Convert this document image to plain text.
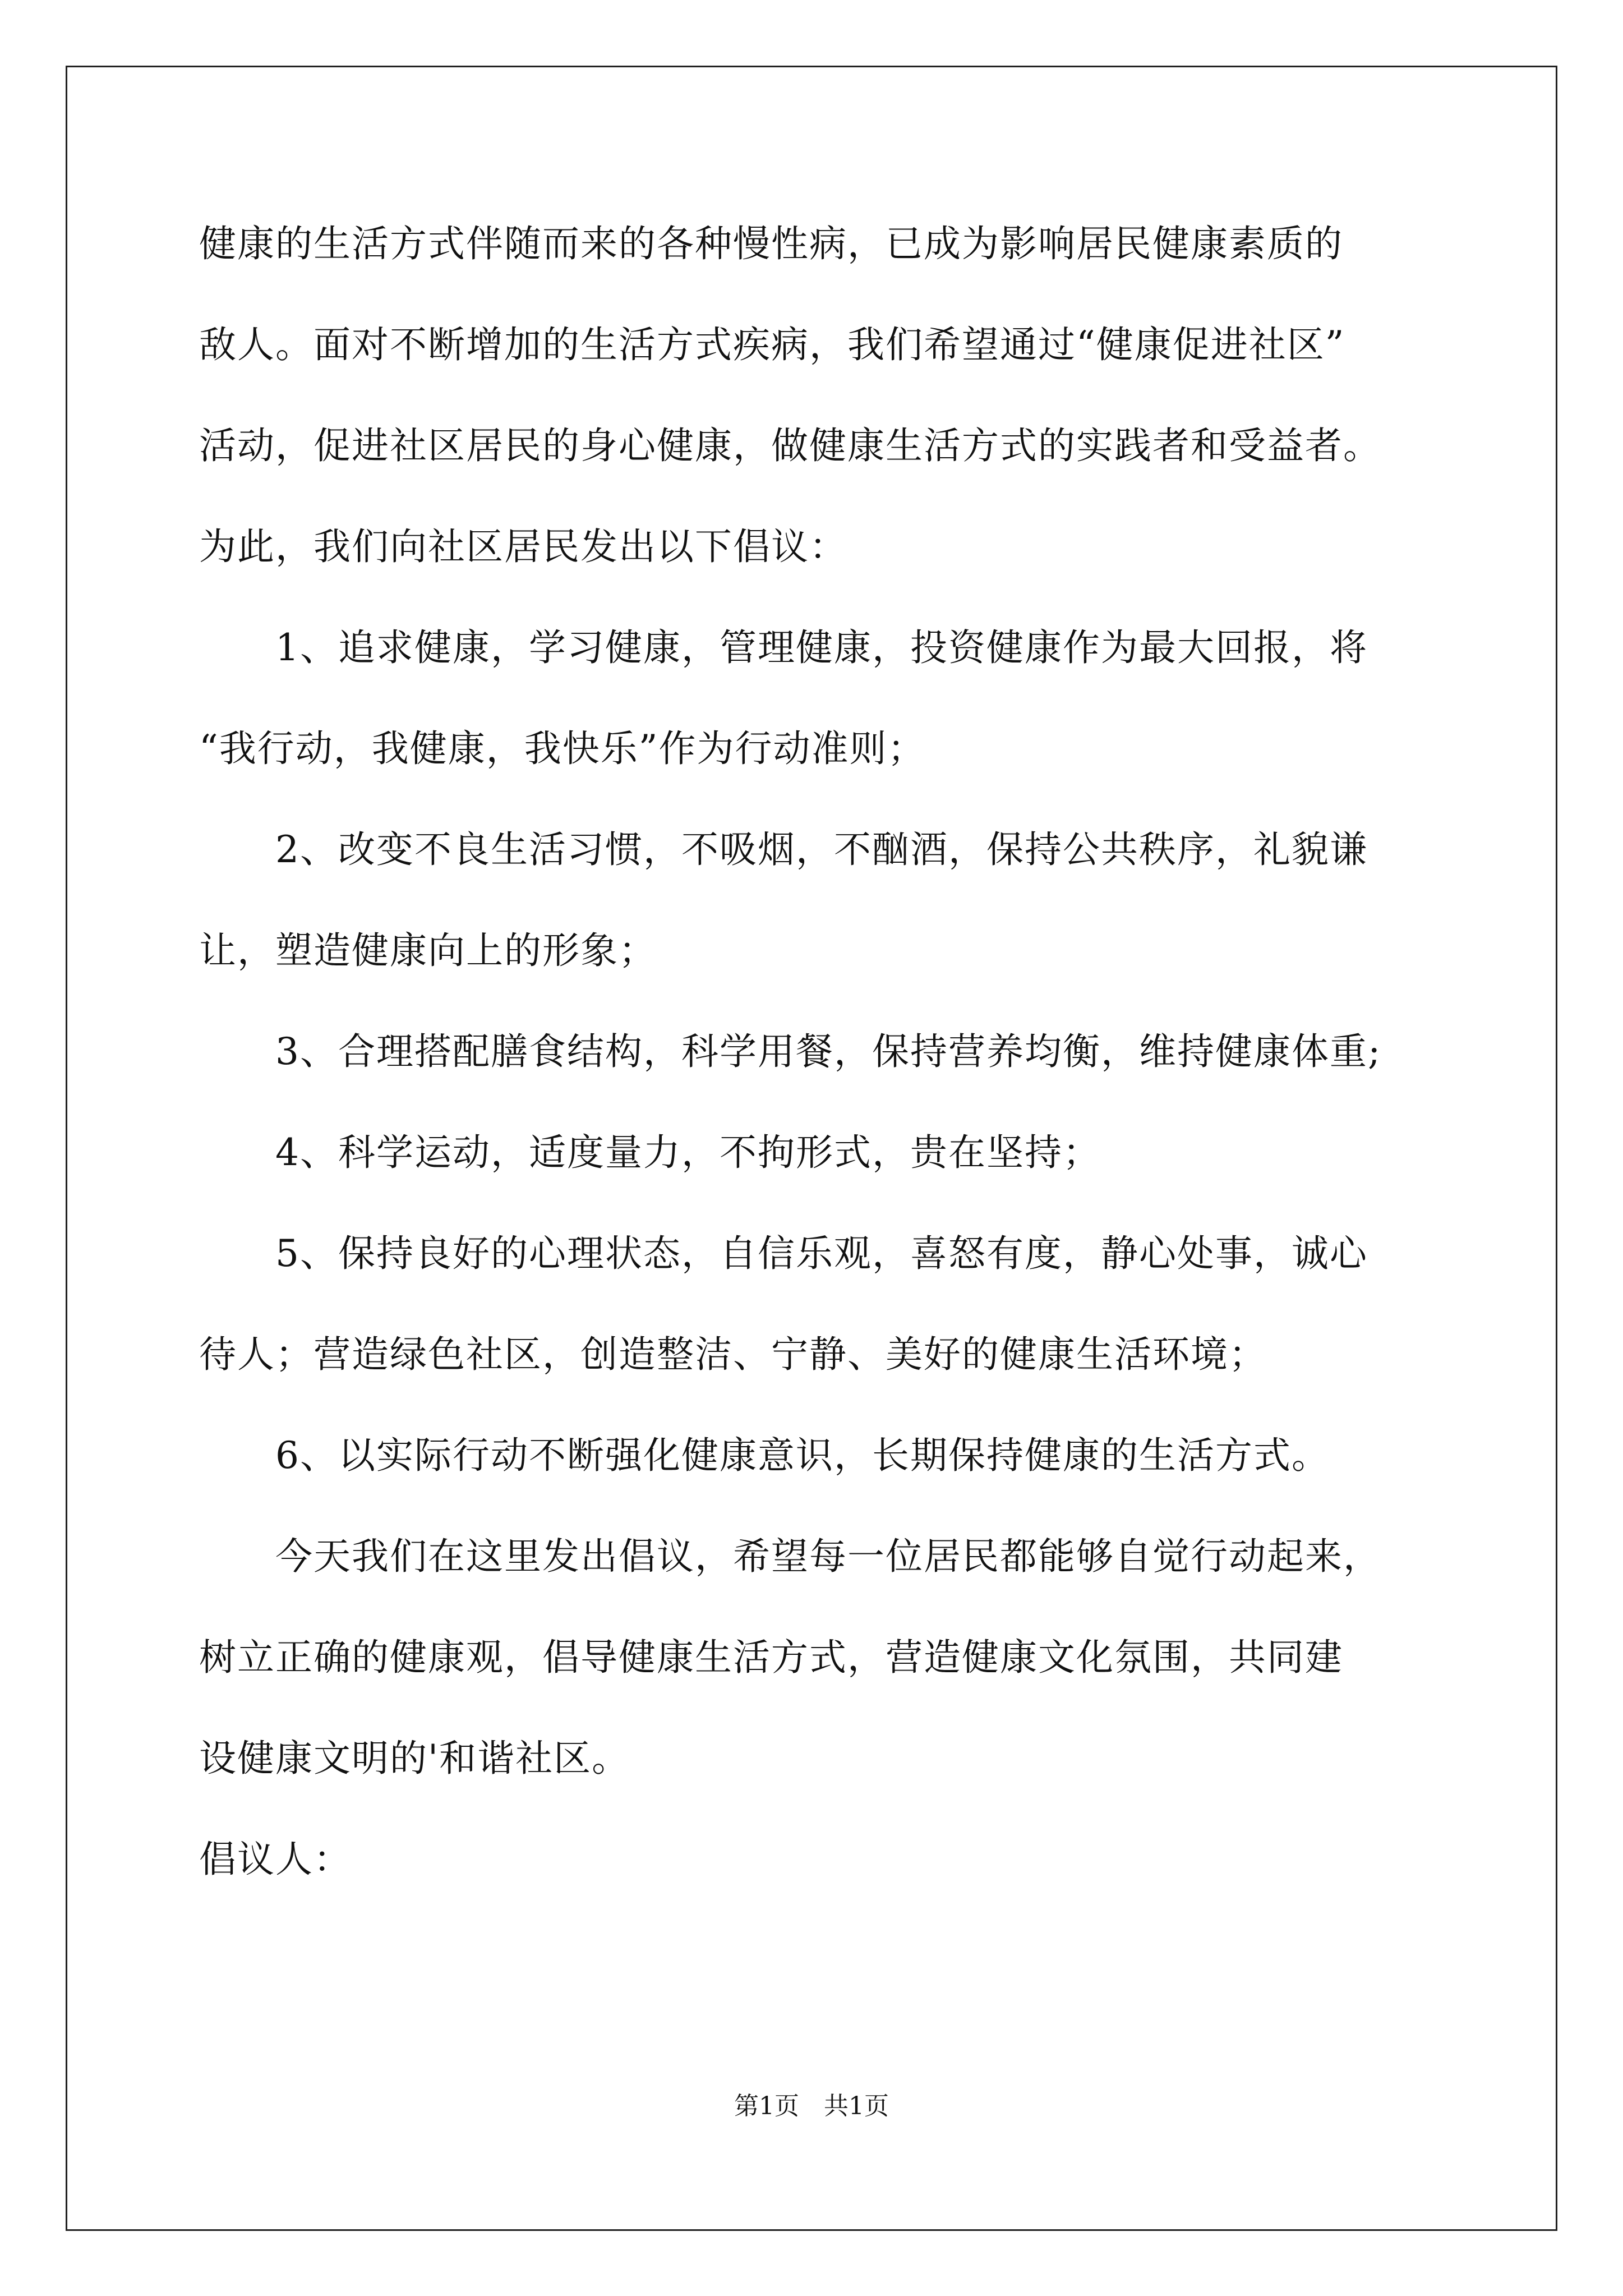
健康的生活方式伴随而来的各种慢性病，已成为影响居民健康素质的
敌人。面对不断增加的生活方式疾病，我们希望通过“健康促进社区”
活动，促进社区居民的身心健康，做健康生活方式的实践者和受益者。
为此，我们向社区居民发出以下倡议：
　　1、追求健康，学习健康，管理健康，投资健康作为最大回报，将
“我行动，我健康，我快乐”作为行动准则；
　　2、改变不良生活习惯，不吸烟，不酗酒，保持公共秩序，礼貌谦
让，塑造健康向上的形象；
　　3、合理搭配膳食结构，科学用餐，保持营养均衡，维持健康体重;
　　4、科学运动，适度量力，不拘形式，贵在坚持；
　　5、保持良好的心理状态，自信乐观，喜怒有度，静心处事，诚心
待人；营造绿色社区，创造整洁、宁静、美好的健康生活环境；
　　6、以实际行动不断强化健康意识，长期保持健康的生活方式。
　　今天我们在这里发出倡议，希望每一位居民都能够自觉行动起来，
树立正确的健康观，倡导健康生活方式，营造健康文化氛围，共同建
设健康文明的'和谐社区。
倡议人：
第1页　共1页
